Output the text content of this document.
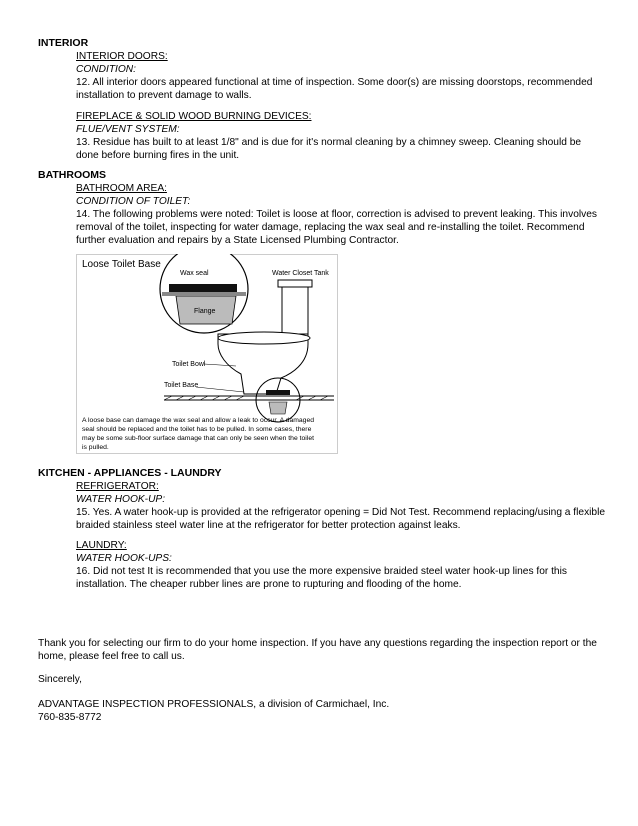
INTERIOR
INTERIOR DOORS:
CONDITION:

12. All interior doors appeared functional at time of inspection. Some door(s) are missing doorstops, recommended installation to prevent damage to walls.

FIREPLACE & SOLID WOOD BURNING DEVICES:
FLUE/VENT SYSTEM:

13. Residue has built to at least 1/8" and is due for it's normal cleaning by a chimney sweep. Cleaning should be done before burning fires in the unit.

BATHROOMS
BATHROOM AREA:
CONDITION OF TOILET:

14. The following problems were noted: Toilet is loose at floor, correction is advised to prevent leaking. This involves removal of the toilet, inspecting for water damage, replacing the wax seal and re-installing the toilet. Recommend further evaluation and repairs by a State Licensed Plumbing Contractor.

Loose Toilet Base
Wax seal
Flange
Water Closet Tank
Toilet Bowl
Toilet Base
A loose base can damage the wax seal and allow a leak to occur. A damaged
seal should be replaced and the toilet has to be pulled. In some cases, there
may be some sub-floor surface damage that can only be seen when the toilet
is pulled.
KITCHEN - APPLIANCES - LAUNDRY
REFRIGERATOR:
WATER HOOK-UP:

15. Yes. A water hook-up is provided at the refrigerator opening = Did Not Test. Recommend replacing/using a flexible braided stainless steel water line at the refrigerator for better protection against leaks.

LAUNDRY:
WATER HOOK-UPS:

16. Did not test It is recommended that you use the more expensive braided steel water hook-up lines for this installation. The cheaper rubber lines are prone to rupturing and flooding of the home.

Thank you for selecting our firm to do your home inspection. If you have any questions regarding the inspection report or the home, please feel free to call us.

Sincerely,
ADVANTAGE INSPECTION PROFESSIONALS, a division of Carmichael, Inc.
760-835-8772
